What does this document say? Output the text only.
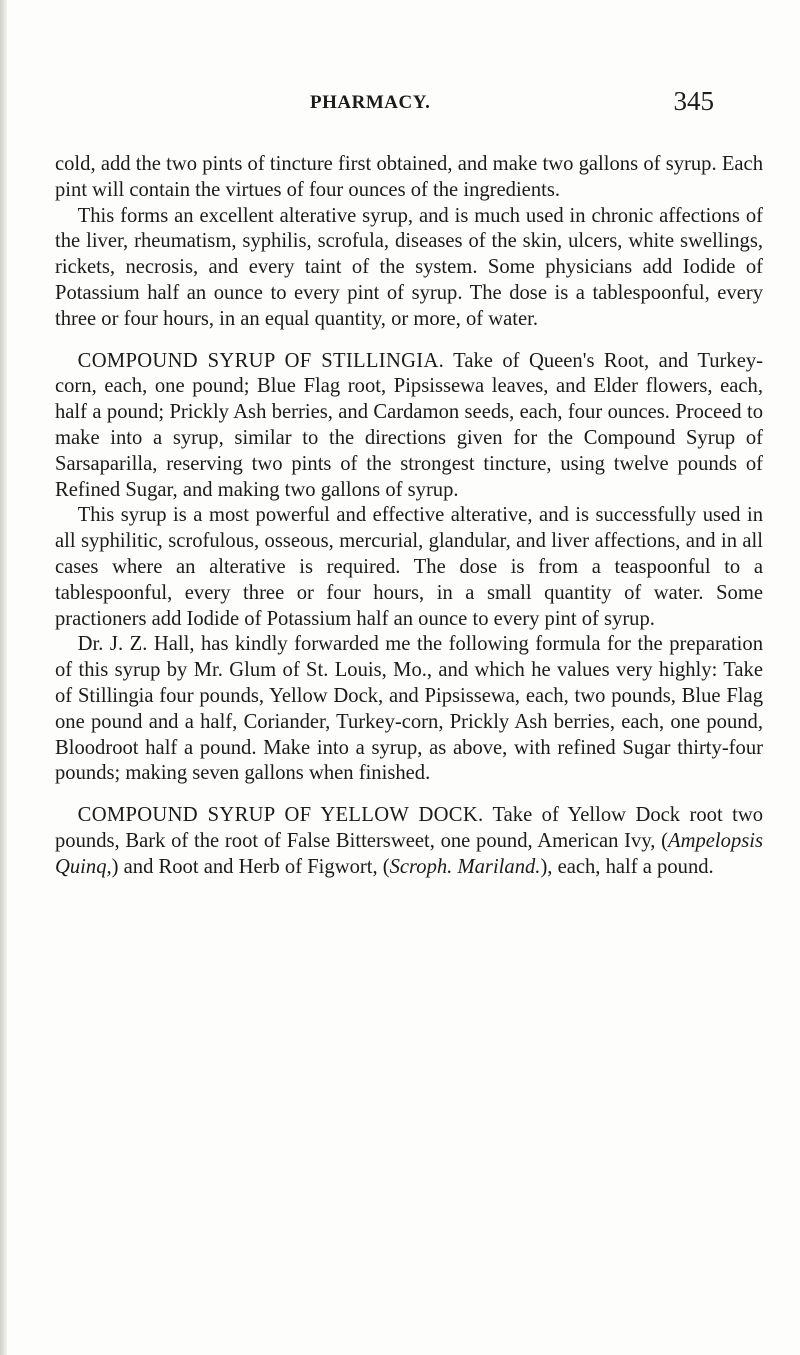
PHARMACY.	345

cold, add the two pints of tincture first obtained, and make two gallons of syrup. Each pint will contain the virtues of four ounces of the ingredients.

This forms an excellent alterative syrup, and is much used in chronic affections of the liver, rheumatism, syphilis, scrofula, diseases of the skin, ulcers, white swellings, rickets, necrosis, and every taint of the system. Some physicians add Iodide of Potassium half an ounce to every pint of syrup. The dose is a tablespoonful, every three or four hours, in an equal quantity, or more, of water.

COMPOUND SYRUP OF STILLINGIA. Take of Queen's Root, and Turkey-corn, each, one pound; Blue Flag root, Pipsissewa leaves, and Elder flowers, each, half a pound; Prickly Ash berries, and Cardamon seeds, each, four ounces. Proceed to make into a syrup, similar to the directions given for the Compound Syrup of Sarsaparilla, reserving two pints of the strongest tincture, using twelve pounds of Refined Sugar, and making two gallons of syrup.

This syrup is a most powerful and effective alterative, and is successfully used in all syphilitic, scrofulous, osseous, mercurial, glandular, and liver affections, and in all cases where an alterative is required. The dose is from a teaspoonful to a tablespoonful, every three or four hours, in a small quantity of water. Some practioners add Iodide of Potassium half an ounce to every pint of syrup.

Dr. J. Z. Hall, has kindly forwarded me the following formula for the preparation of this syrup by Mr. Glum of St. Louis, Mo., and which he values very highly: Take of Stillingia four pounds, Yellow Dock, and Pipsissewa, each, two pounds, Blue Flag one pound and a half, Coriander, Turkey-corn, Prickly Ash berries, each, one pound, Bloodroot half a pound. Make into a syrup, as above, with refined Sugar thirty-four pounds; making seven gallons when finished.

COMPOUND SYRUP OF YELLOW DOCK. Take of Yellow Dock root two pounds, Bark of the root of False Bittersweet, one pound, American Ivy, (Ampelopsis Quinq,) and Root and Herb of Figwort, (Scroph. Mariland.), each, half a pound.
